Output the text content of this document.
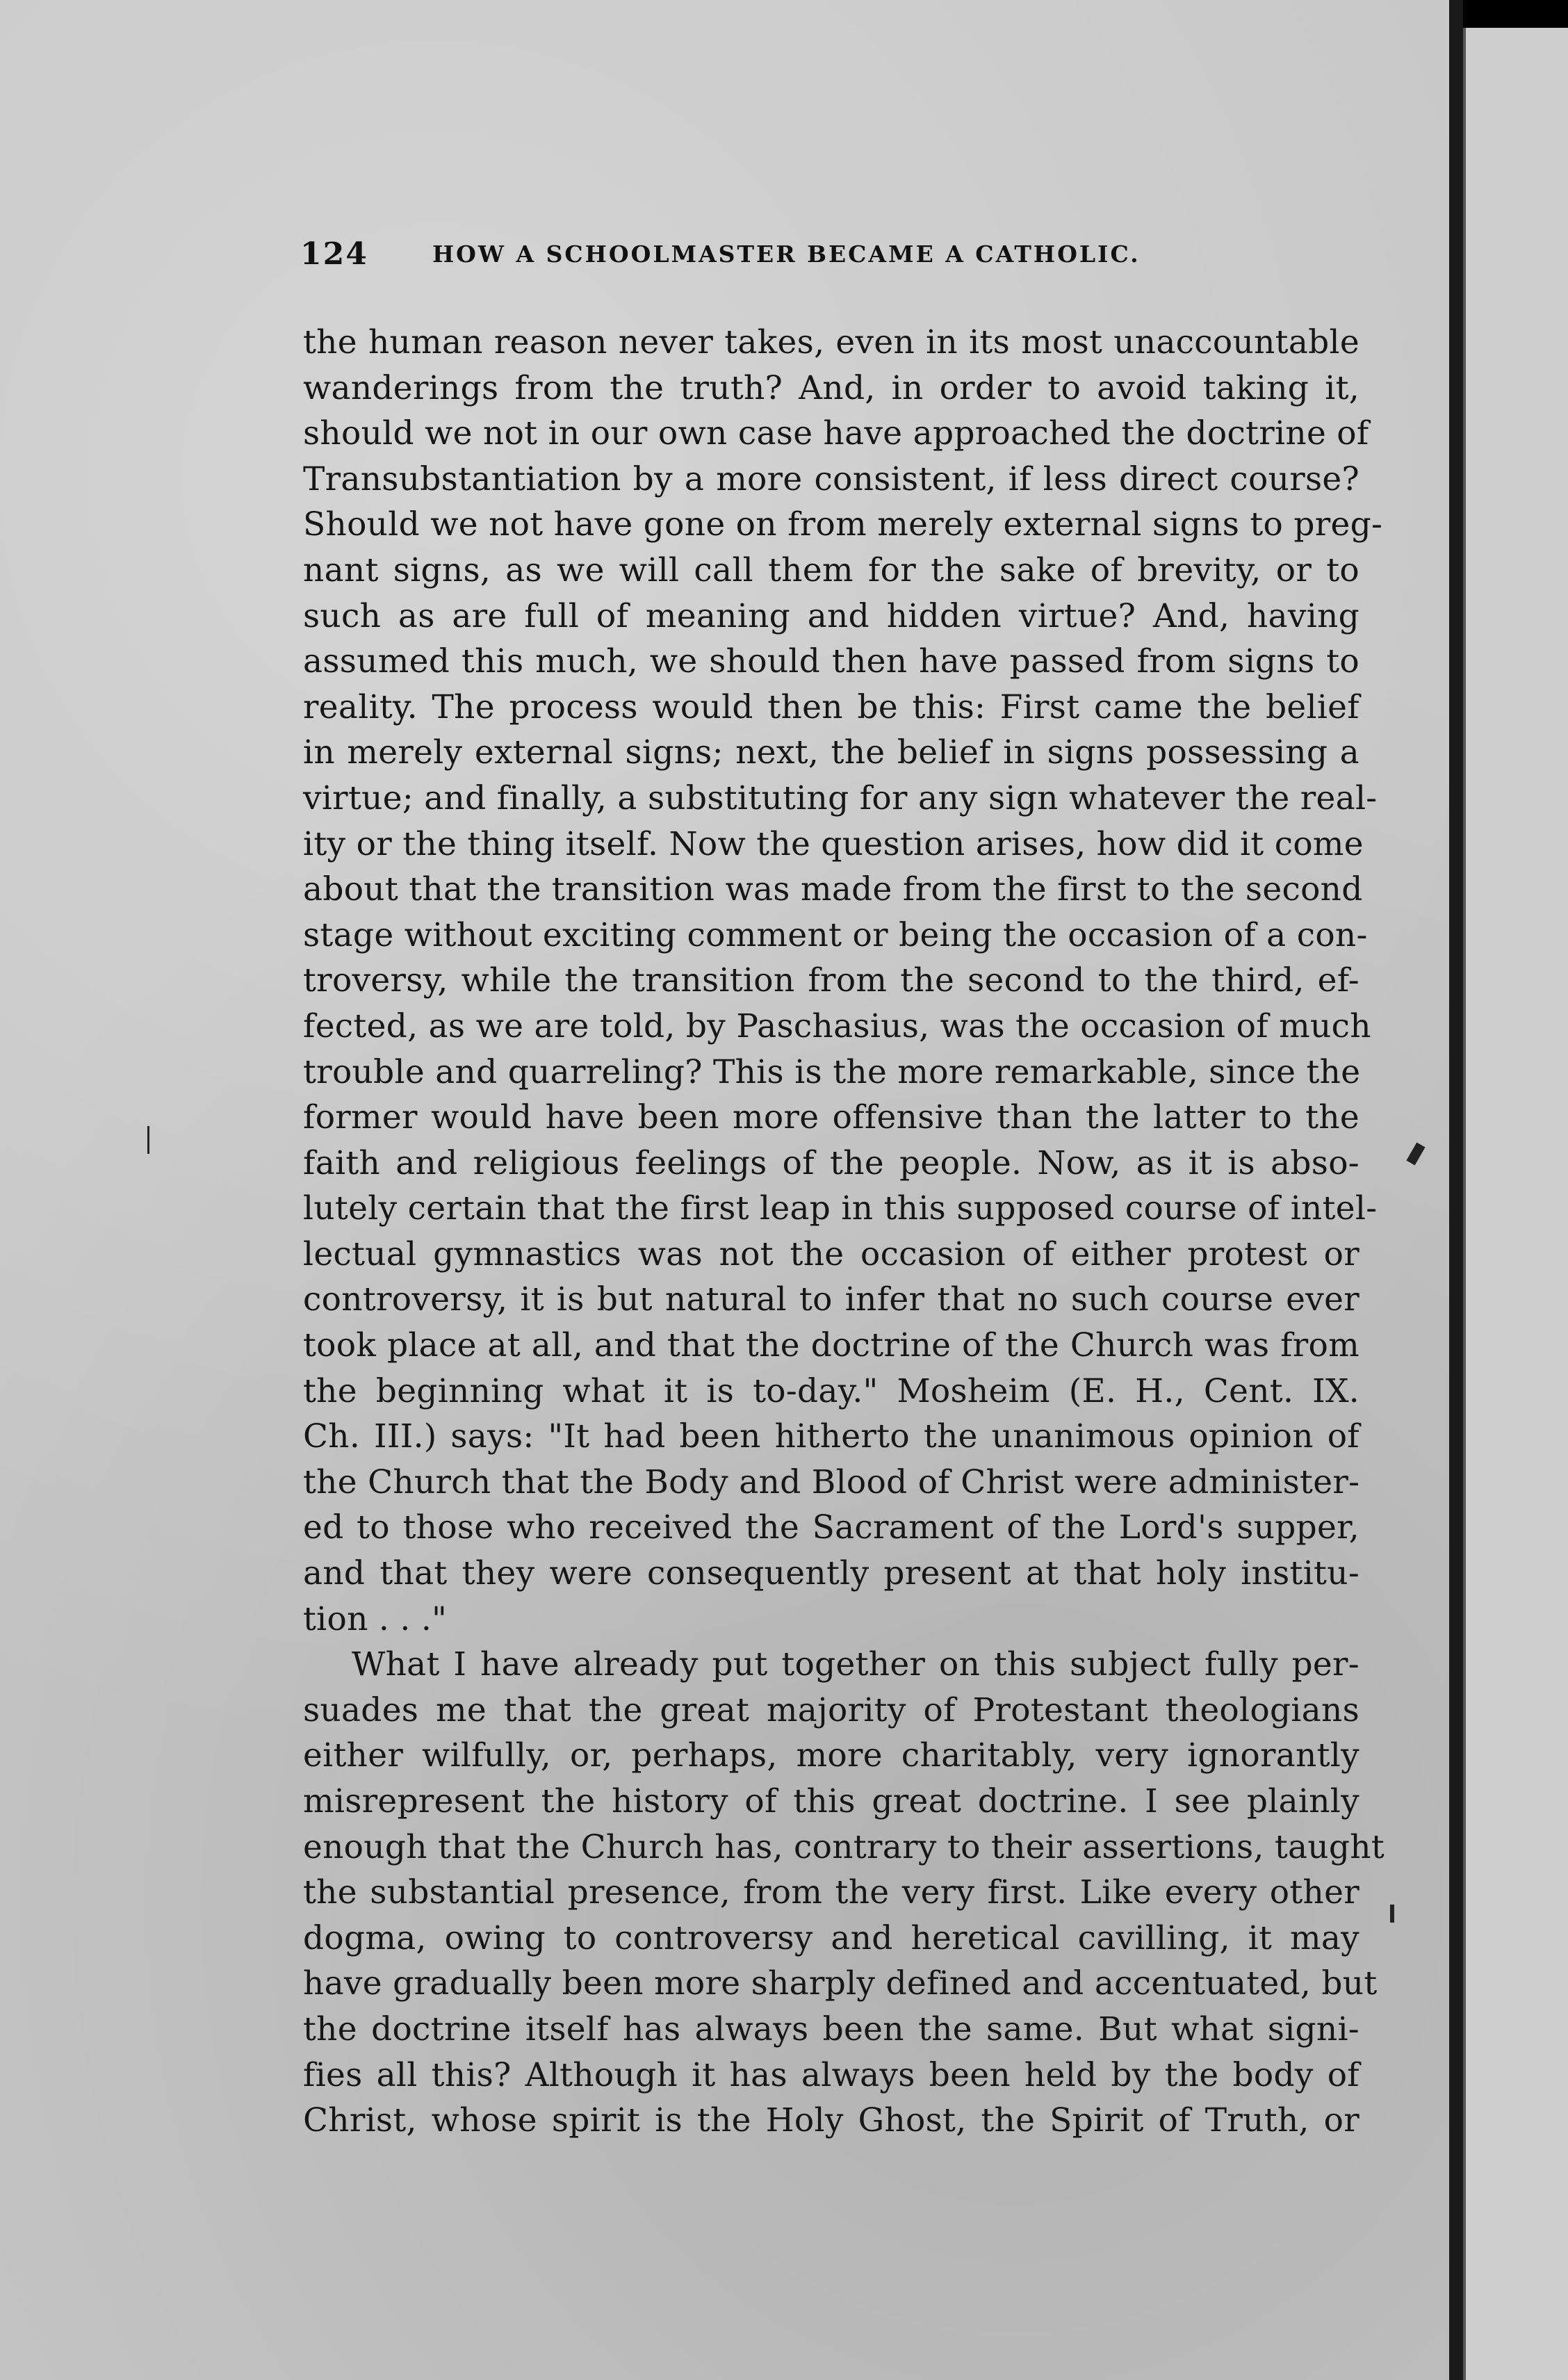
124	HOW A SCHOOLMASTER BECAME A CATHOLIC.
the human reason never takes, even in its most unaccountable
wanderings from the truth? And, in order to avoid taking it,
should we not in our own case have approached the doctrine of
Transubstantiation by a more consistent, if less direct course?
Should we not have gone on from merely external signs to preg-
nant signs, as we will call them for the sake of brevity, or to
such as are full of meaning and hidden virtue? And, having
assumed this much, we should then have passed from signs to
reality. The process would then be this: First came the belief
in merely external signs; next, the belief in signs possessing a
virtue; and finally, a substituting for any sign whatever the real-
ity or the thing itself. Now the question arises, how did it come
about that the transition was made from the first to the second
stage without exciting comment or being the occasion of a con-
troversy, while the transition from the second to the third, ef-
fected, as we are told, by Paschasius, was the occasion of much
trouble and quarreling? This is the more remarkable, since the
former would have been more offensive than the latter to the
faith and religious feelings of the people. Now, as it is abso-
lutely certain that the first leap in this supposed course of intel-
lectual gymnastics was not the occasion of either protest or
controversy, it is but natural to infer that no such course ever
took place at all, and that the doctrine of the Church was from
the beginning what it is to-day." Mosheim (E. H., Cent. IX.
Ch. III.) says: "It had been hitherto the unanimous opinion of
the Church that the Body and Blood of Christ were administer-
ed to those who received the Sacrament of the Lord's supper,
and that they were consequently present at that holy institu-
tion . . ."
What I have already put together on this subject fully per-
suades me that the great majority of Protestant theologians
either wilfully, or, perhaps, more charitably, very ignorantly
misrepresent the history of this great doctrine. I see plainly
enough that the Church has, contrary to their assertions, taught
the substantial presence, from the very first. Like every other
dogma, owing to controversy and heretical cavilling, it may
have gradually been more sharply defined and accentuated, but
the doctrine itself has always been the same. But what signi-
fies all this? Although it has always been held by the body of
Christ, whose spirit is the Holy Ghost, the Spirit of Truth, or
